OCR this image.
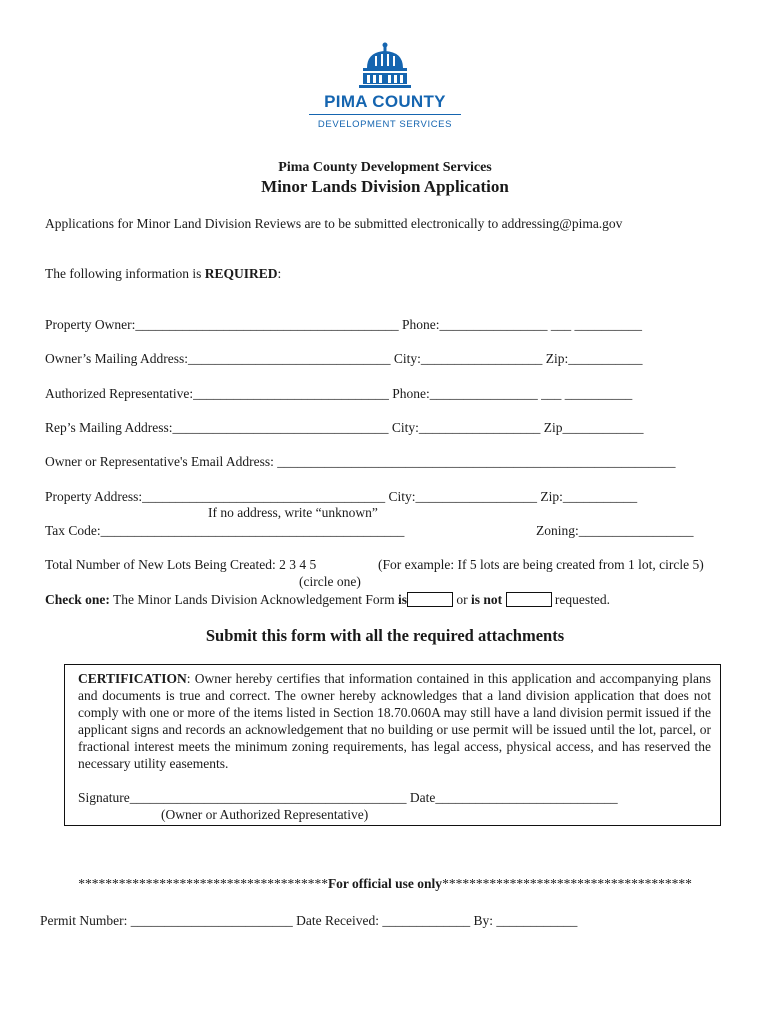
PIMA COUNTY
DEVELOPMENT SERVICES
Pima County Development Services
Minor Lands Division Application
Applications for Minor Land Division Reviews are to be submitted electronically to addressing@pima.gov
The following information is REQUIRED:
Property Owner:_______________________________________ Phone:________________ ___ __________
Owner’s Mailing Address:______________________________ City:__________________ Zip:___________
Authorized Representative:_____________________________ Phone:________________ ___ __________
Rep’s Mailing Address:________________________________ City:__________________ Zip____________
Owner or Representative's Email Address: ___________________________________________________________
Property Address:____________________________________ City:__________________ Zip:___________
If no address, write “unknown”
Tax Code:_____________________________________________	Zoning:_________________
Total Number of New Lots Being Created: 2 3 4 5	(For example: If 5 lots are being created from 1 lot, circle 5)
(circle one)
Check one: The Minor Lands Division Acknowledgement Form is	or is not	requested.
Submit this form with all the required attachments
CERTIFICATION: Owner hereby certifies that information contained in this application and accompanying plans and documents is true and correct. The owner hereby acknowledges that a land division application that does not comply with one or more of the items listed in Section 18.70.060A may still have a land division permit issued if the applicant signs and records an acknowledgement that no building or use permit will be issued until the lot, parcel, or fractional interest meets the minimum zoning requirements, has legal access, physical access, and has reserved the necessary utility easements.
Signature_________________________________________ Date___________________________
(Owner or Authorized Representative)
*************************************For official use only*************************************
Permit Number: ________________________ Date Received: _____________ By: ____________
